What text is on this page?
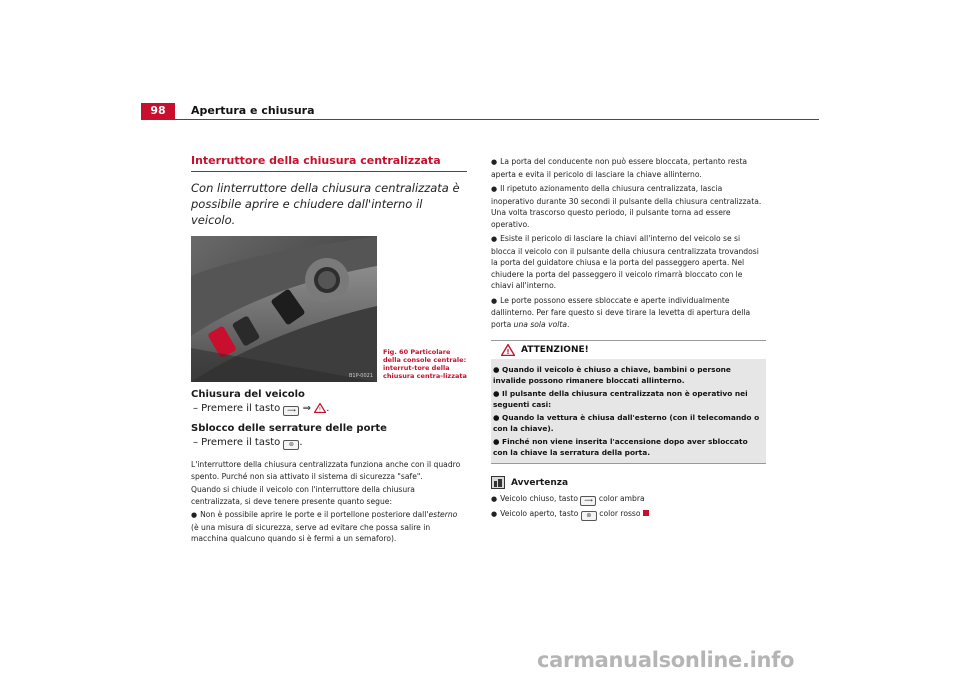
98	Apertura e chiusura
Interruttore della chiusura centralizzata
Con linterruttore della chiusura centralizzata è possibile aprire e chiudere dall'interno il veicolo.
B1P-0021
Fig. 60 Particolare della console centrale: interrut-tore della chiusura centra-lizzata
Chiusura del veicolo
– Premere il tasto ⟿ ⇒ ! .
Sblocco delle serrature delle porte
– Premere il tasto ⊚ .
L'interruttore della chiusura centralizzata funziona anche con il quadro spento. Purché non sia attivato il sistema di sicurezza "safe".
Quando si chiude il veicolo con l'interruttore della chiusura centralizzata, si deve tenere presente quanto segue:
● Non è possibile aprire le porte e il portellone posteriore dall'esterno (è una misura di sicurezza, serve ad evitare che possa salire in macchina qualcuno quando si è fermi a un semaforo).
● La porta del conducente non può essere bloccata, pertanto resta aperta e evita il pericolo di lasciare la chiave allinterno.
● Il ripetuto azionamento della chiusura centralizzata, lascia inoperativo durante 30 secondi il pulsante della chiusura centralizzata. Una volta trascorso questo periodo, il pulsante torna ad essere operativo.
● Esiste il pericolo di lasciare la chiavi all'interno del veicolo se si blocca il veicolo con il pulsante della chiusura centralizzata trovandosi la porta del guidatore chiusa e la porta del passeggero aperta. Nel chiudere la porta del passeggero il veicolo rimarrà bloccato con le chiavi all'interno.
● Le porte possono essere sbloccate e aperte individualmente dallinterno. Per fare questo si deve tirare la levetta di apertura della porta una sola volta.
! ATTENZIONE!
● Quando il veicolo è chiuso a chiave, bambini o persone invalide possono rimanere bloccati allinterno.
● Il pulsante della chiusura centralizzata non è operativo nei seguenti casi:
● Quando la vettura è chiusa dall'esterno (con il telecomando o con la chiave).
● Finché non viene inserita l'accensione dopo aver sbloccato con la chiave la serratura della porta.
Avvertenza
● Veicolo chiuso, tasto ⟿ color ambra
● Veicolo aperto, tasto ⊚ color rosso
carmanualsonline.info
